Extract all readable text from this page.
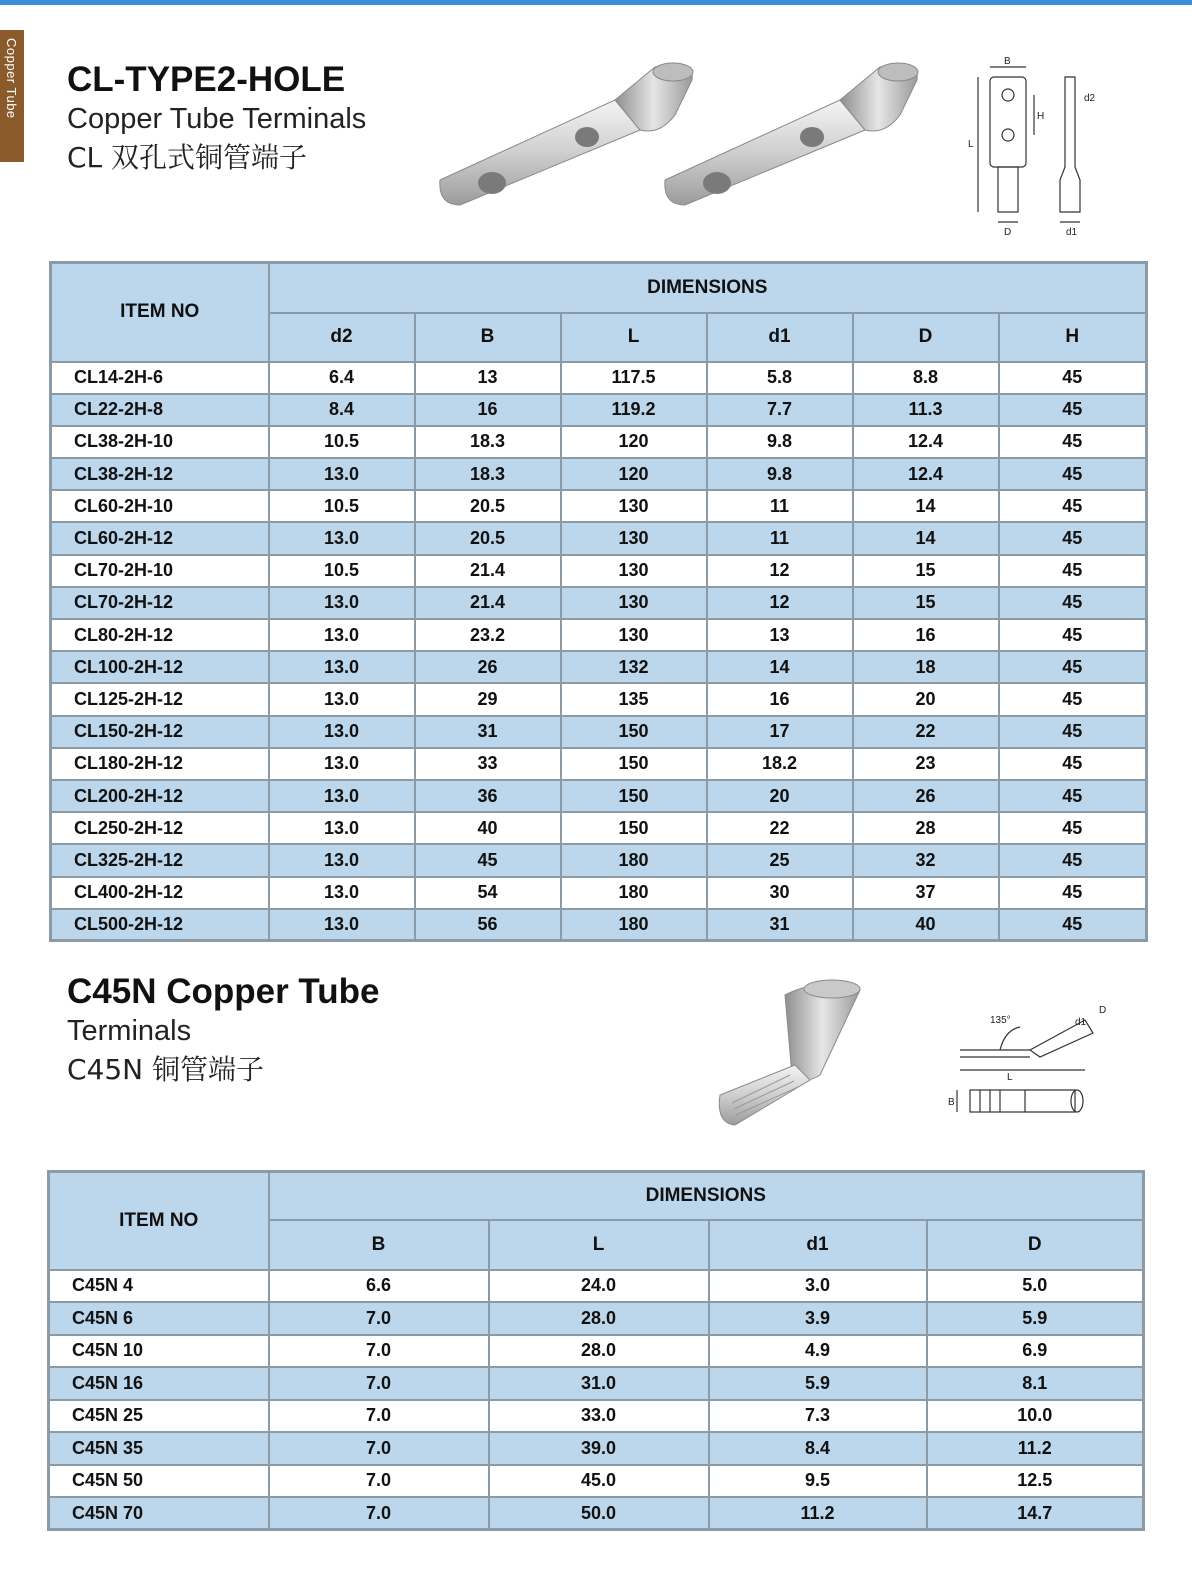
Copper Tube CL-TYPE2-HOLE
Copper Tube Terminals
CL 双孔式铜管端子
B
d2
H
L
D	d1
ITEM NO	DIMENSIONS					
	d2	B	L	d1	D	H
CL14-2H-6	6.4	13	117.5	5.8	8.8	45
CL22-2H-8	8.4	16	119.2	7.7	11.3	45
CL38-2H-10	10.5	18.3	120	9.8	12.4	45
CL38-2H-12	13.0	18.3	120	9.8	12.4	45
CL60-2H-10	10.5	20.5	130	11	14	45
CL60-2H-12	13.0	20.5	130	11	14	45
CL70-2H-10	10.5	21.4	130	12	15	45
CL70-2H-12	13.0	21.4	130	12	15	45
CL80-2H-12	13.0	23.2	130	13	16	45
CL100-2H-12	13.0	26	132	14	18	45
CL125-2H-12	13.0	29	135	16	20	45
CL150-2H-12	13.0	31	150	17	22	45
CL180-2H-12	13.0	33	150	18.2	23	45
CL200-2H-12	13.0	36	150	20	26	45
CL250-2H-12	13.0	40	150	22	28	45
CL325-2H-12	13.0	45	180	25	32	45
CL400-2H-12	13.0	54	180	30	37	45
CL500-2H-12	13.0	56	180	31	40	45
C45N Copper Tube
Terminals
C45N 铜管端子
135°	d1
D
L
B
ITEM NO	DIMENSIONS			
	B	L	d1	D
C45N 4	6.6	24.0	3.0	5.0
C45N 6	7.0	28.0	3.9	5.9
C45N 10	7.0	28.0	4.9	6.9
C45N 16	7.0	31.0	5.9	8.1
C45N 25	7.0	33.0	7.3	10.0
C45N 35	7.0	39.0	8.4	11.2
C45N 50	7.0	45.0	9.5	12.5
C45N 70	7.0	50.0	11.2	14.7
